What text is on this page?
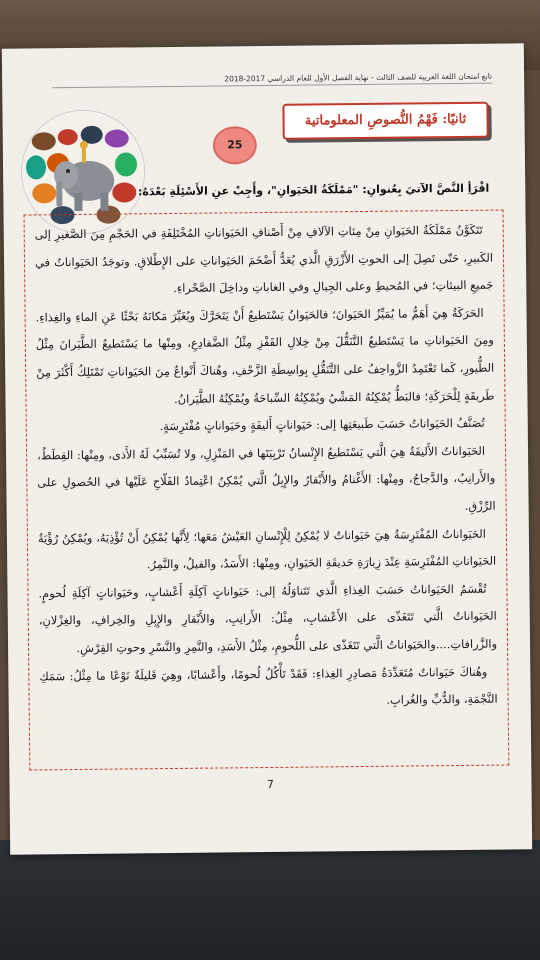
تابع امتحان اللغة العربية للصف الثالث - نهاية الفصل الأول للعام الدراسي 2017-2018
ثانيًا: فَهْمُ النُّصوصِ المعلوماتية
25
اقْرَأِ النَّصَّ الآتيَ بِعُنوانِ: "مَمْلَكَةُ الحَيَوانِ"، وأَجِبْ عنِ الأَسْئِلَةِ بَعْدَهُ:

تَتَكَوَّنُ مَمْلَكَةُ الحَيَوانِ مِنْ مِئاتِ الآلافِ مِنْ أَصْنافِ الحَيَواناتِ المُخْتَلِفَةِ في الحَجْمِ مِنَ الصَّغيرِ إلى الكَبيرِ، حَتّى تَصِلَ إلى الحوتِ الأَزْرَقِ الَّذي يُعَدُّ أَضْخَمَ الحَيَواناتِ على الإِطْلاقِ. وتوجَدُ الحَيَواناتُ في جَميعِ البيئاتِ؛ في المُحيطِ وعلى الجِبالِ وفي الغاباتِ وداخِلَ الصَّحْراءِ.

الحَرَكَةُ هِيَ أَهَمُّ ما يُمَيِّزُ الحَيَوانَ؛ فالحَيَوانُ يَسْتَطيعُ أَنْ يَتَحَرَّكَ ويُغَيِّرَ مَكانَهُ بَحْثًا عَنِ الماءِ والغِذاءِ. ومِنَ الحَيَواناتِ ما يَسْتَطيعُ التَّنَقُّلَ مِنْ خِلالِ القَفْزِ مِثْلُ الضَّفادِعِ، ومِنْها ما يَسْتَطيعُ الطَّيَرانَ مِثْلُ الطُّيورِ، كَما تَعْتَمِدُ الزَّواحِفُ على التَّنَقُّلِ بِواسِطَةِ الزَّحْفِ، وهُناكَ أَنْواعٌ مِنَ الحَيَواناتِ تَمْتَلِكُ أَكْثَرَ مِنْ طَريقَةٍ لِلْحَرَكَةِ؛ فالبَطُّ يُمْكِنُهُ المَشْيُ ويُمْكِنُهُ السِّباحَةُ ويُمْكِنُهُ الطَّيَرانُ.

تُصَنَّفُ الحَيَواناتُ حَسَبَ طَبيعَتِها إلى: حَيَواناتٍ أَليفَةٍ وحَيَواناتٍ مُفْتَرِسَةٍ.

الحَيَواناتُ الأَليفَةُ هِيَ الَّتي يَسْتَطيعُ الإِنْسانُ تَرْبِيَتَها في المَنْزِلِ، ولا تُسَبِّبُ لَهُ الأَذى، ومِنْها: القِطَطُ، والأَرانِبُ، والدَّجاجُ، ومِنْها: الأَغْنامُ والأَبْقارُ والإِبِلُ الَّتي يُمْكِنُ اعْتِمادُ الفَلّاحِ عَلَيْها في الحُصولِ على الرِّزْقِ.

الحَيَواناتُ المُفْتَرِسَةُ هِيَ حَيَواناتٌ لا يُمْكِنُ لِلْإِنْسانِ العَيْشُ مَعَها؛ لِأَنَّها يُمْكِنُ أَنْ تُؤْذِيَهُ، ويُمْكِنُ رُؤْيَةُ الحَيَواناتِ المُفْتَرِسَةِ عِنْدَ زِيارَةِ حَديقَةِ الحَيَوانِ، ومِنْها: الأَسَدُ، والفيلُ، والنَّمِرُ.

تُقْسَمُ الحَيَواناتُ حَسَبَ الغِذاءِ الَّذي تَتَناوَلُهُ إلى: حَيَواناتٍ آكِلَةِ أَعْشابٍ، وحَيَواناتٍ آكِلَةِ لُحومٍ. الحَيَواناتُ الَّتي تَتَغَذّى على الأَعْشابِ، مِثْلُ: الأَرانِبِ، والأَبْقارِ والإِبِلِ والخِرافِ، والغِزْلانِ، والزَّرافاتِ....والحَيَواناتُ الَّتي تَتَغَذّى على اللُّحومِ، مِثْلُ الأَسَدِ، والنَّمِرِ والنَّسْرِ وحوتِ القِرْشِ.

وهُناكَ حَيَواناتٌ مُتَعَدِّدَةُ مَصادِرِ الغِذاءِ: فَقَدْ تَأْكُلُ لُحومًا، وأَعْشابًا، وهِيَ قَليلَةٌ نَوْعًا ما مِثْلُ: سَمَكِ النَّجْمَةِ، والدُّبِّ والغُرابِ.

7
